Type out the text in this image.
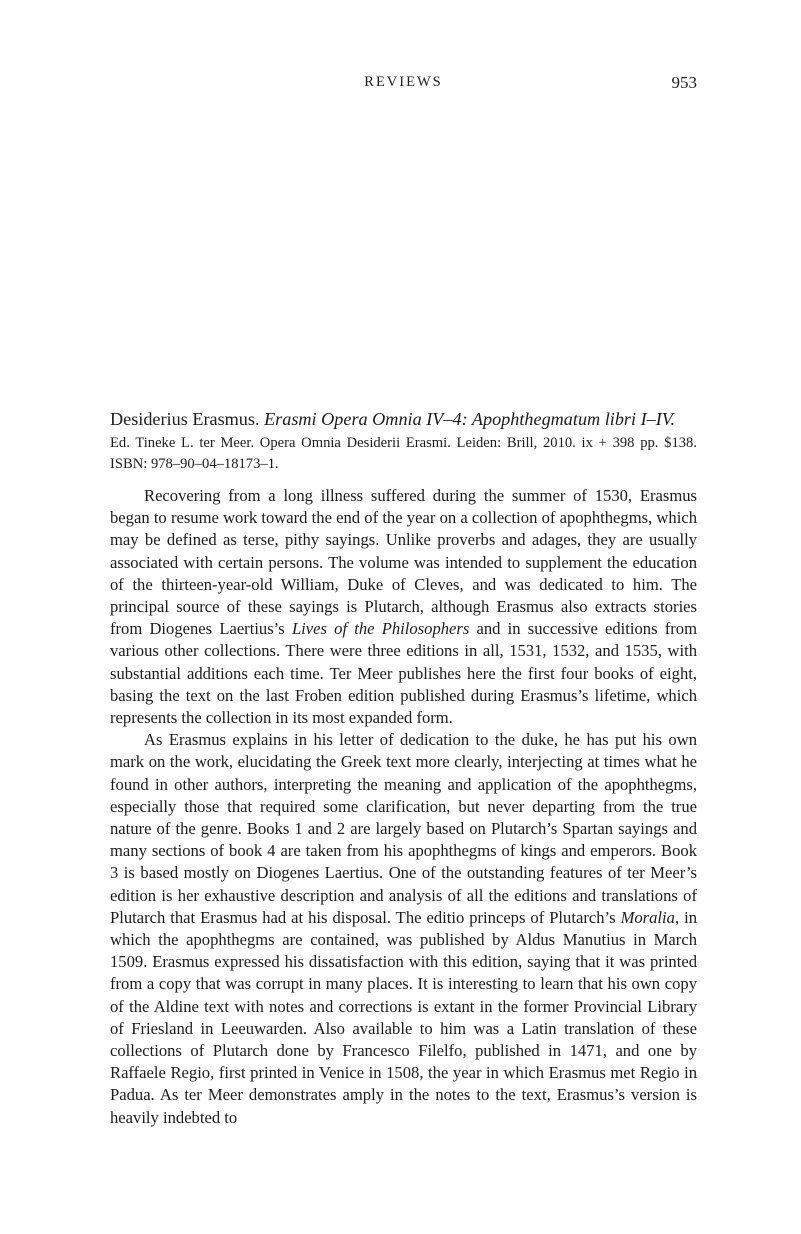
REVIEWS	953
Desiderius Erasmus. Erasmi Opera Omnia IV–4: Apophthegmatum libri I–IV.
Ed. Tineke L. ter Meer. Opera Omnia Desiderii Erasmi. Leiden: Brill, 2010. ix + 398 pp. $138. ISBN: 978–90–04–18173–1.

Recovering from a long illness suffered during the summer of 1530, Erasmus began to resume work toward the end of the year on a collection of apophthegms, which may be defined as terse, pithy sayings. Unlike proverbs and adages, they are usually associated with certain persons. The volume was intended to supplement the education of the thirteen-year-old William, Duke of Cleves, and was dedicated to him. The principal source of these sayings is Plutarch, although Erasmus also extracts stories from Diogenes Laertius’s Lives of the Philosophers and in successive editions from various other collections. There were three editions in all, 1531, 1532, and 1535, with substantial additions each time. Ter Meer publishes here the first four books of eight, basing the text on the last Froben edition published during Erasmus’s lifetime, which represents the collection in its most expanded form.

As Erasmus explains in his letter of dedication to the duke, he has put his own mark on the work, elucidating the Greek text more clearly, interjecting at times what he found in other authors, interpreting the meaning and application of the apophthegms, especially those that required some clarification, but never departing from the true nature of the genre. Books 1 and 2 are largely based on Plutarch’s Spartan sayings and many sections of book 4 are taken from his apophthegms of kings and emperors. Book 3 is based mostly on Diogenes Laertius. One of the outstanding features of ter Meer’s edition is her exhaustive description and analysis of all the editions and translations of Plutarch that Erasmus had at his disposal. The editio princeps of Plutarch’s Moralia, in which the apophthegms are contained, was published by Aldus Manutius in March 1509. Erasmus expressed his dissatisfaction with this edition, saying that it was printed from a copy that was corrupt in many places. It is interesting to learn that his own copy of the Aldine text with notes and corrections is extant in the former Provincial Library of Friesland in Leeuwarden. Also available to him was a Latin translation of these collections of Plutarch done by Francesco Filelfo, published in 1471, and one by Raffaele Regio, first printed in Venice in 1508, the year in which Erasmus met Regio in Padua. As ter Meer demonstrates amply in the notes to the text, Erasmus’s version is heavily indebted to
